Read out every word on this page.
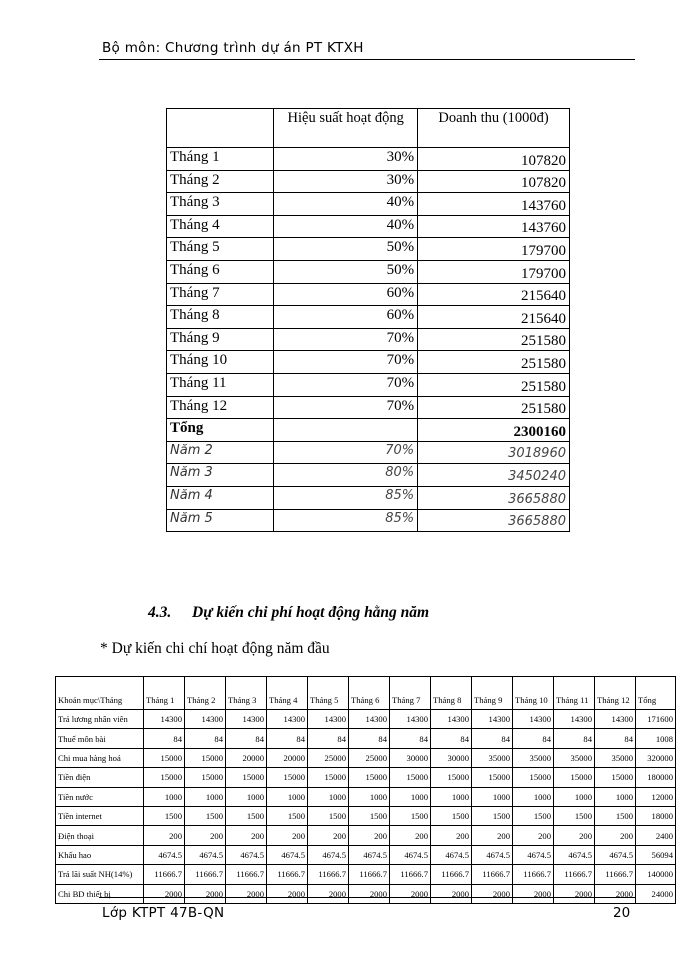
Bộ môn: Chương trình dự án PT KTXH
	Hiệu suất hoạt động	Doanh thu (1000đ)
Tháng 1	30%	107820
Tháng 2	30%	107820
Tháng 3	40%	143760
Tháng 4	40%	143760
Tháng 5	50%	179700
Tháng 6	50%	179700
Tháng 7	60%	215640
Tháng 8	60%	215640
Tháng 9	70%	251580
Tháng 10	70%	251580
Tháng 11	70%	251580
Tháng 12	70%	251580
Tổng		2300160
Năm 2	70%	3018960
Năm 3	80%	3450240
Năm 4	85%	3665880
Năm 5	85%	3665880
4.3. Dự kiến chi phí hoạt động hằng năm
* Dự kiến chi chí hoạt động năm đầu
Khoản mục\Tháng	Tháng 1	Tháng 2	Tháng 3	Tháng 4	Tháng 5	Tháng 6	Tháng 7	Tháng 8	Tháng 9	Tháng 10	Tháng 11	Tháng 12	Tổng
Trả lương nhân viên	14300	14300	14300	14300	14300	14300	14300	14300	14300	14300	14300	14300	171600
Thuế môn bài	84	84	84	84	84	84	84	84	84	84	84	84	1008
Chi mua hàng hoá	15000	15000	20000	20000	25000	25000	30000	30000	35000	35000	35000	35000	320000
Tiền điện	15000	15000	15000	15000	15000	15000	15000	15000	15000	15000	15000	15000	180000
Tiền nước	1000	1000	1000	1000	1000	1000	1000	1000	1000	1000	1000	1000	12000
Tiền internet	1500	1500	1500	1500	1500	1500	1500	1500	1500	1500	1500	1500	18000
Điện thoại	200	200	200	200	200	200	200	200	200	200	200	200	2400
Khấu hao	4674.5	4674.5	4674.5	4674.5	4674.5	4674.5	4674.5	4674.5	4674.5	4674.5	4674.5	4674.5	56094
Trả lãi suất NH(14%)	11666.7	11666.7	11666.7	11666.7	11666.7	11666.7	11666.7	11666.7	11666.7	11666.7	11666.7	11666.7	140000
Chi BD thiết bị	2000	2000	2000	2000	2000	2000	2000	2000	2000	2000	2000	2000	24000
Lớp KTPT 47B-QN	20
